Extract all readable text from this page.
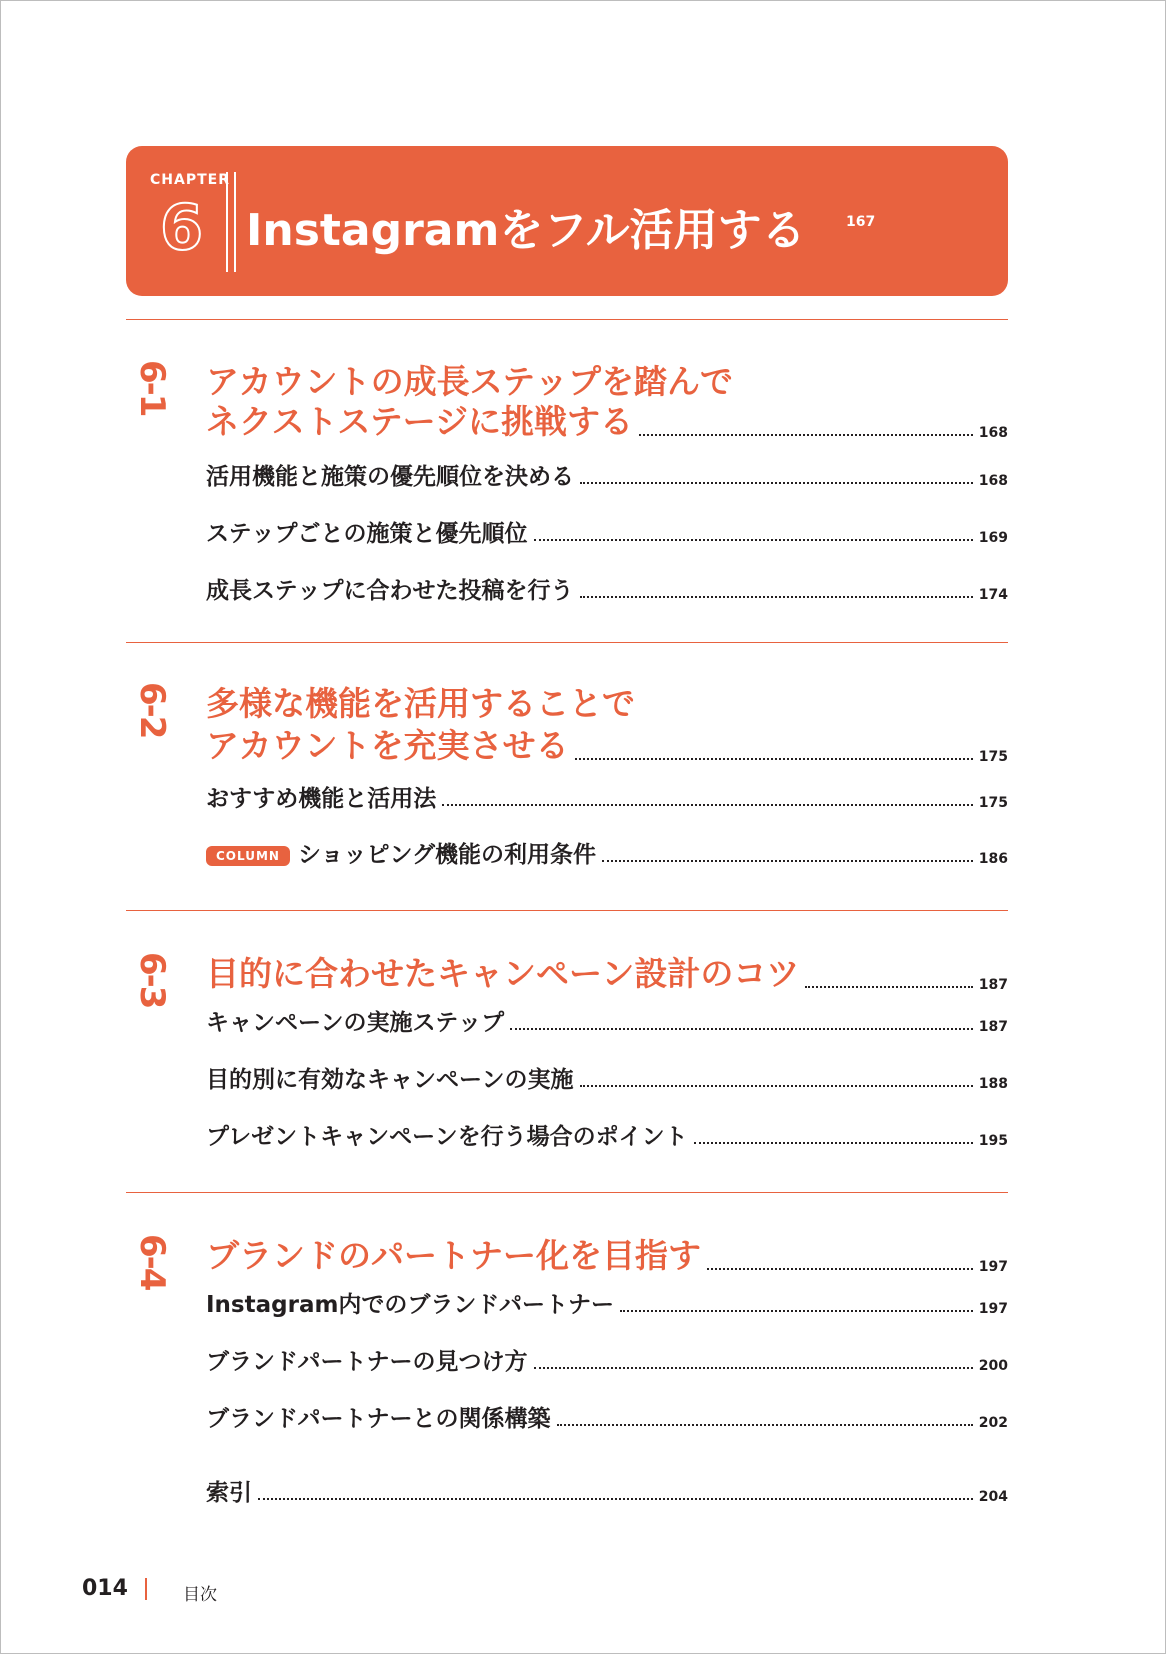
CHAPTER
6 Instagramをフル活用する	167
6-1 アカウントの成長ステップを踏んで
ネクストステージに挑戦する	168
活用機能と施策の優先順位を決める	168
ステップごとの施策と優先順位	169
成長ステップに合わせた投稿を行う	174
6-2 多様な機能を活用することで
アカウントを充実させる	175
おすすめ機能と活用法	175
COLUMN ショッピング機能の利用条件	186
6-3 目的に合わせたキャンペーン設計のコツ	187
キャンペーンの実施ステップ	187
目的別に有効なキャンペーンの実施	188
プレゼントキャンペーンを行う場合のポイント	195
6-4 ブランドのパートナー化を目指す	197
Instagram内でのブランドパートナー	197
ブランドパートナーの見つけ方	200
ブランドパートナーとの関係構築	202
索引	204
014	目次
